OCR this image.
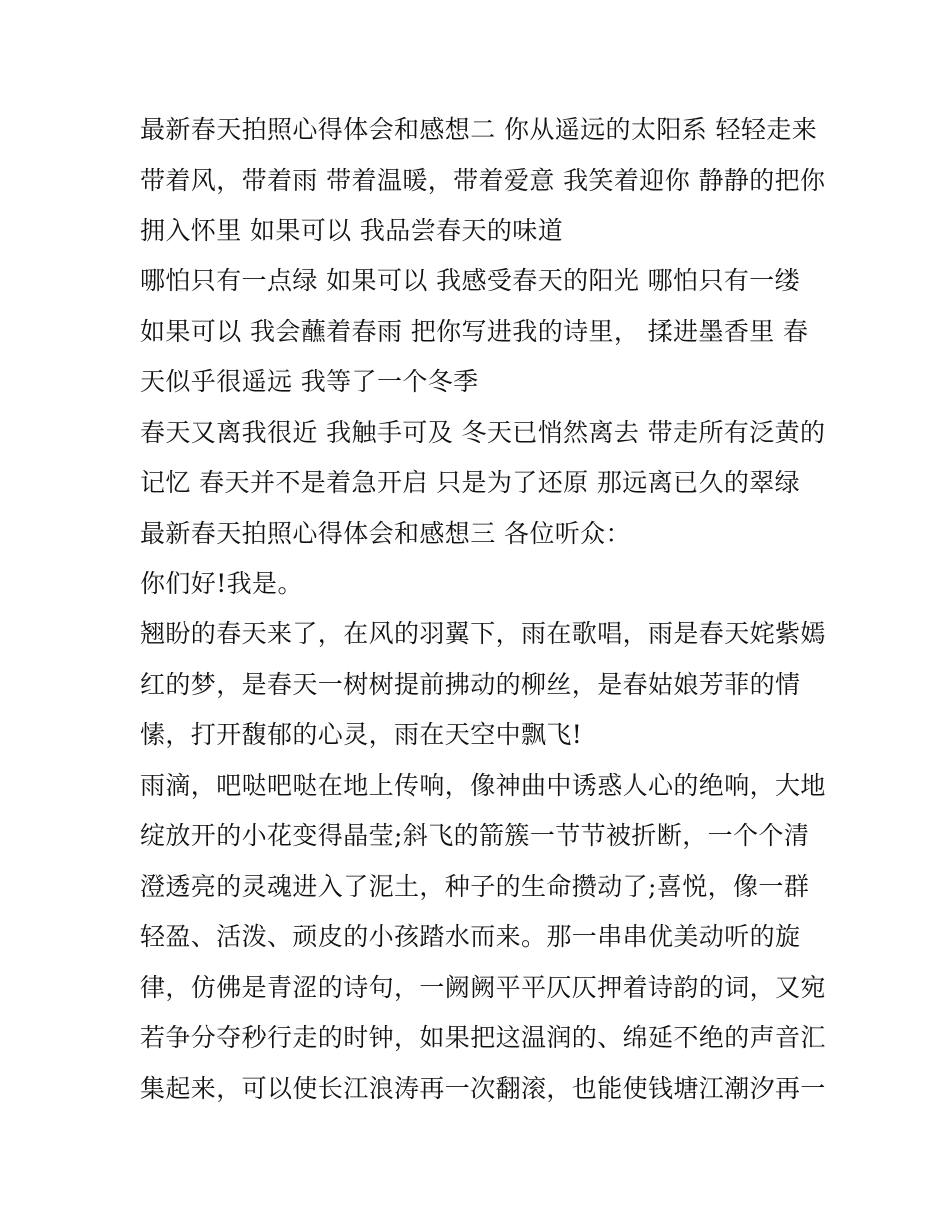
最新春天拍照心得体会和感想二 你从遥远的太阳系 轻轻走来
带着风，带着雨 带着温暖，带着爱意 我笑着迎你 静静的把你
拥入怀里 如果可以 我品尝春天的味道
哪怕只有一点绿 如果可以 我感受春天的阳光 哪怕只有一缕
如果可以 我会蘸着春雨 把你写进我的诗里， 揉进墨香里 春
天似乎很遥远 我等了一个冬季
春天又离我很近 我触手可及 冬天已悄然离去 带走所有泛黄的
记忆 春天并不是着急开启 只是为了还原 那远离已久的翠绿
最新春天拍照心得体会和感想三 各位听众：
你们好!我是。
翘盼的春天来了，在风的羽翼下，雨在歌唱，雨是春天姹紫嫣
红的梦，是春天一树树提前拂动的柳丝，是春姑娘芳菲的情
愫，打开馥郁的心灵，雨在天空中飘飞!
雨滴，吧哒吧哒在地上传响，像神曲中诱惑人心的绝响，大地
绽放开的小花变得晶莹;斜飞的箭簇一节节被折断，一个个清
澄透亮的灵魂进入了泥土，种子的生命攒动了;喜悦，像一群
轻盈、活泼、顽皮的小孩踏水而来。那一串串优美动听的旋
律，仿佛是青涩的诗句，一阙阙平平仄仄押着诗韵的词，又宛
若争分夺秒行走的时钟，如果把这温润的、绵延不绝的声音汇
集起来，可以使长江浪涛再一次翻滚，也能使钱塘江潮汐再一
